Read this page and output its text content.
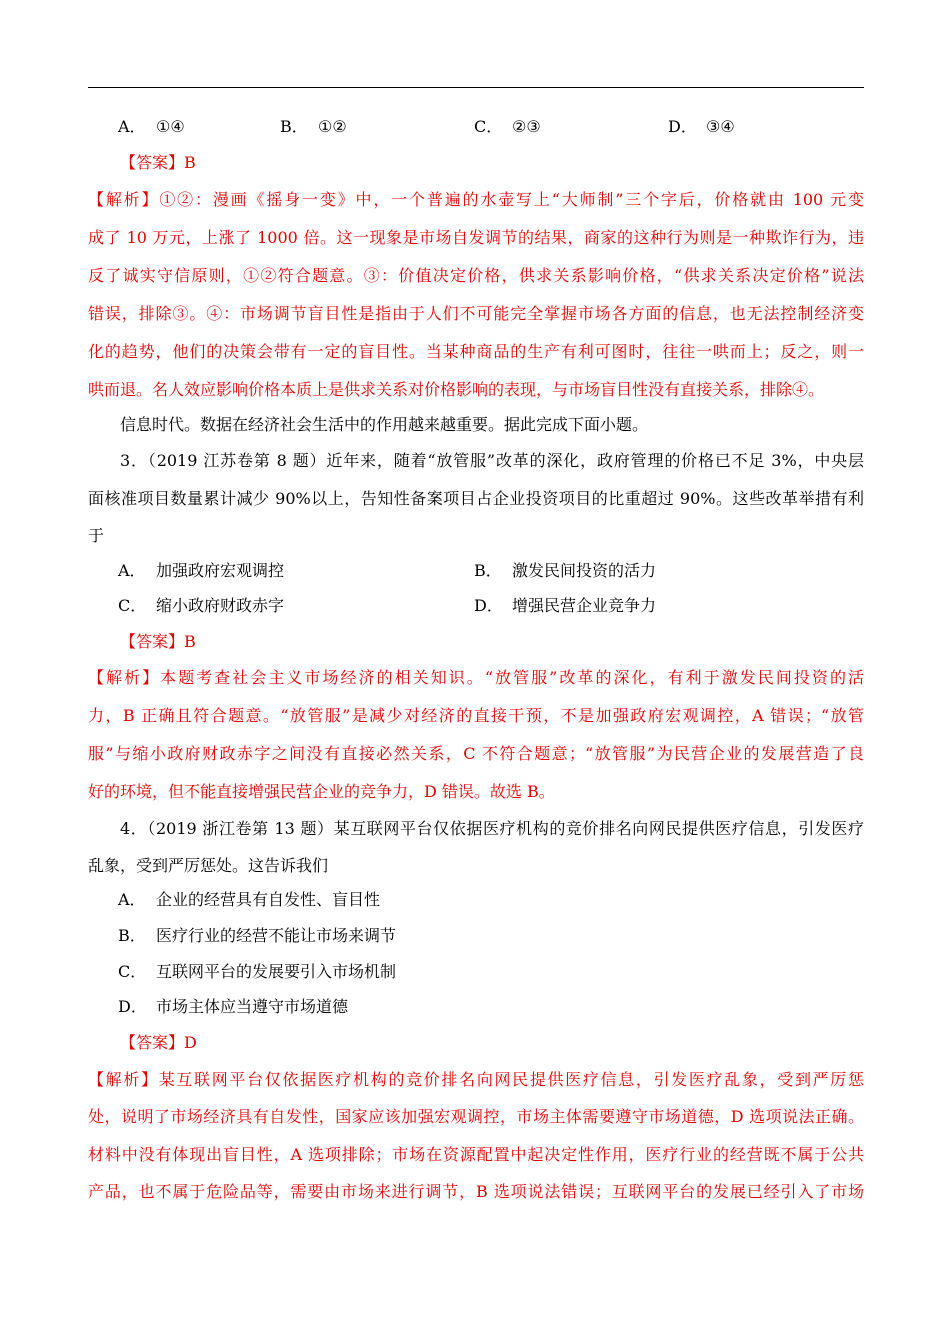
A． ①④	B． ①②	C． ②③	D． ③④
【答案】B
【解析】①②：漫画《摇身一变》中，一个普遍的水壶写上“大师制”三个字后，价格就由 100 元变
成了 10 万元，上涨了 1000 倍。这一现象是市场自发调节的结果，商家的这种行为则是一种欺诈行为，违
反了诚实守信原则，①②符合题意。③：价值决定价格，供求关系影响价格，“供求关系决定价格”说法
错误，排除③。④：市场调节盲目性是指由于人们不可能完全掌握市场各方面的信息，也无法控制经济变
化的趋势，他们的决策会带有一定的盲目性。当某种商品的生产有利可图时，往往一哄而上；反之，则一
哄而退。名人效应影响价格本质上是供求关系对价格影响的表现，与市场盲目性没有直接关系，排除④。
信息时代。数据在经济社会生活中的作用越来越重要。据此完成下面小题。
3．（2019 江苏卷第 8 题）近年来，随着“放管服”改革的深化，政府管理的价格已不足 3%，中央层
面核准项目数量累计减少 90%以上，告知性备案项目占企业投资项目的比重超过 90%。这些改革举措有利
于
A． 加强政府宏观调控	B． 激发民间投资的活力
C． 缩小政府财政赤字	D． 增强民营企业竞争力
【答案】B
【解析】本题考查社会主义市场经济的相关知识。“放管服”改革的深化，有利于激发民间投资的活
力，B 正确且符合题意。“放管服”是减少对经济的直接干预，不是加强政府宏观调控，A 错误；“放管
服”与缩小政府财政赤字之间没有直接必然关系，C 不符合题意；“放管服”为民营企业的发展营造了良
好的环境，但不能直接增强民营企业的竞争力，D 错误。故选 B。
4．（2019 浙江卷第 13 题）某互联网平台仅依据医疗机构的竞价排名向网民提供医疗信息，引发医疗
乱象，受到严厉惩处。这告诉我们
A． 企业的经营具有自发性、盲目性
B． 医疗行业的经营不能让市场来调节
C． 互联网平台的发展要引入市场机制
D． 市场主体应当遵守市场道德
【答案】D
【解析】某互联网平台仅依据医疗机构的竞价排名向网民提供医疗信息，引发医疗乱象，受到严厉惩
处，说明了市场经济具有自发性，国家应该加强宏观调控，市场主体需要遵守市场道德，D 选项说法正确。
材料中没有体现出盲目性，A 选项排除；市场在资源配置中起决定性作用，医疗行业的经营既不属于公共
产品，也不属于危险品等，需要由市场来进行调节，B 选项说法错误；互联网平台的发展已经引入了市场
